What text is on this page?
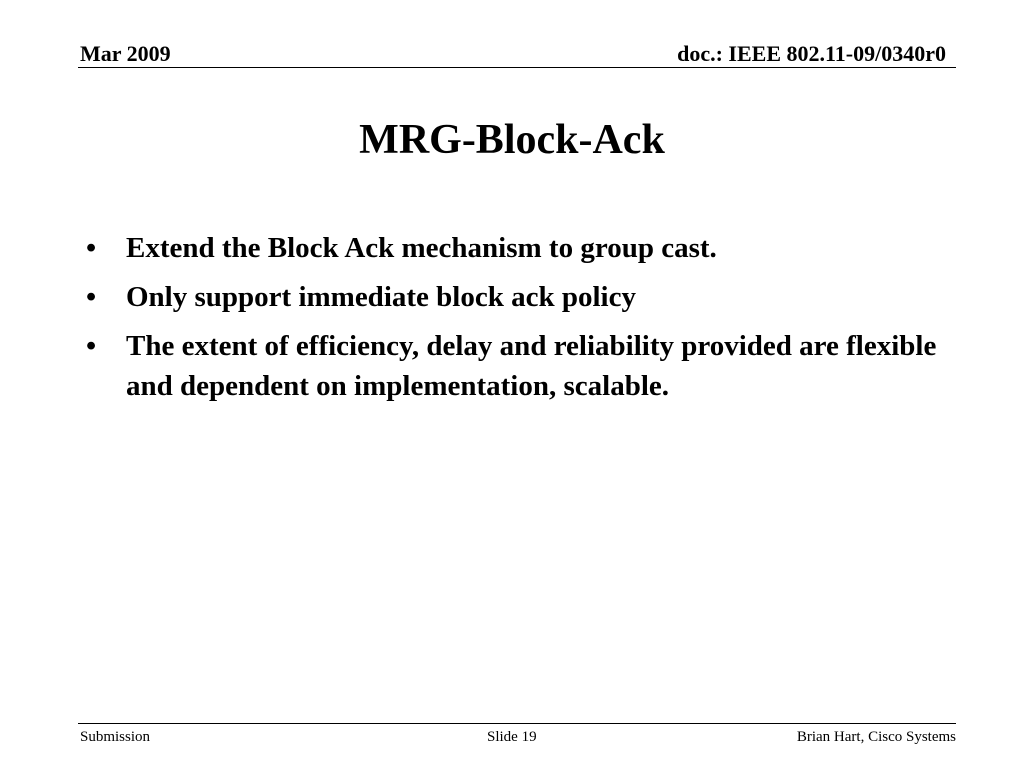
Mar 2009	doc.: IEEE 802.11-09/0340r0
MRG-Block-Ack
• Extend the Block Ack mechanism to group cast.
• Only support immediate block ack policy
• The extent of efficiency, delay and reliability provided are flexible and dependent on implementation, scalable.
Submission	Slide 19	Brian Hart, Cisco Systems
